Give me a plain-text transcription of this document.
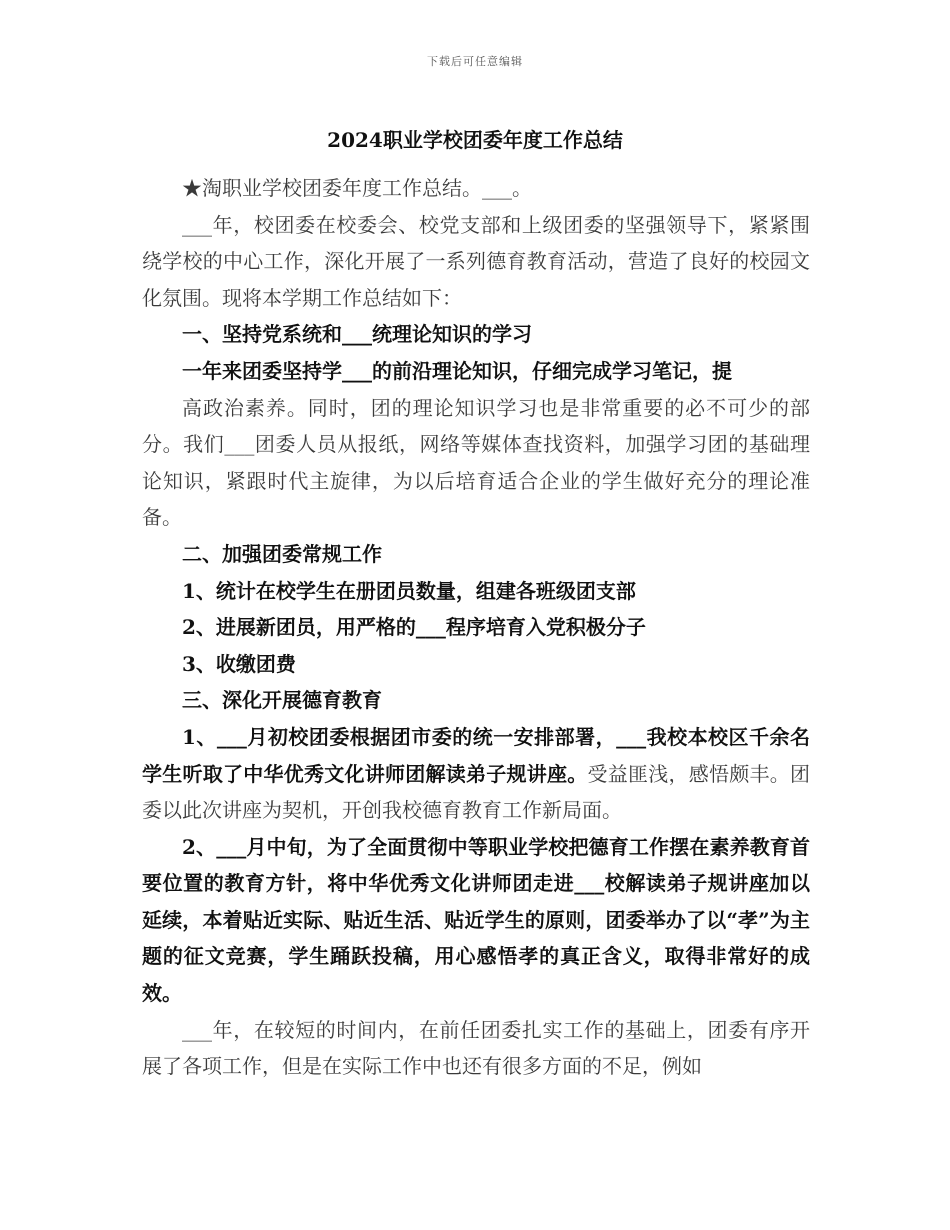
下载后可任意编辑
2024职业学校团委年度工作总结

★淘职业学校团委年度工作总结。___。

___年，校团委在校委会、校党支部和上级团委的坚强领导下，紧紧围绕学校的中心工作，深化开展了一系列德育教育活动，营造了良好的校园文化氛围。现将本学期工作总结如下：

一、坚持党系统和___统理论知识的学习

一年来团委坚持学___的前沿理论知识，仔细完成学习笔记，提

高政治素养。同时，团的理论知识学习也是非常重要的必不可少的部分。我们___团委人员从报纸，网络等媒体查找资料，加强学习团的基础理论知识，紧跟时代主旋律，为以后培育适合企业的学生做好充分的理论准备。

二、加强团委常规工作

1、统计在校学生在册团员数量，组建各班级团支部

2、进展新团员，用严格的___程序培育入党积极分子

3、收缴团费

三、深化开展德育教育

1、___月初校团委根据团市委的统一安排部署，___我校本校区千余名学生听取了中华优秀文化讲师团解读弟子规讲座。受益匪浅，感悟颇丰。团委以此次讲座为契机，开创我校德育教育工作新局面。

2、___月中旬，为了全面贯彻中等职业学校把德育工作摆在素养教育首要位置的教育方针，将中华优秀文化讲师团走进___校解读弟子规讲座加以延续，本着贴近实际、贴近生活、贴近学生的原则，团委举办了以“孝”为主题的征文竞赛，学生踊跃投稿，用心感悟孝的真正含义，取得非常好的成效。

___年，在较短的时间内，在前任团委扎实工作的基础上，团委有序开展了各项工作，但是在实际工作中也还有很多方面的不足，例如
